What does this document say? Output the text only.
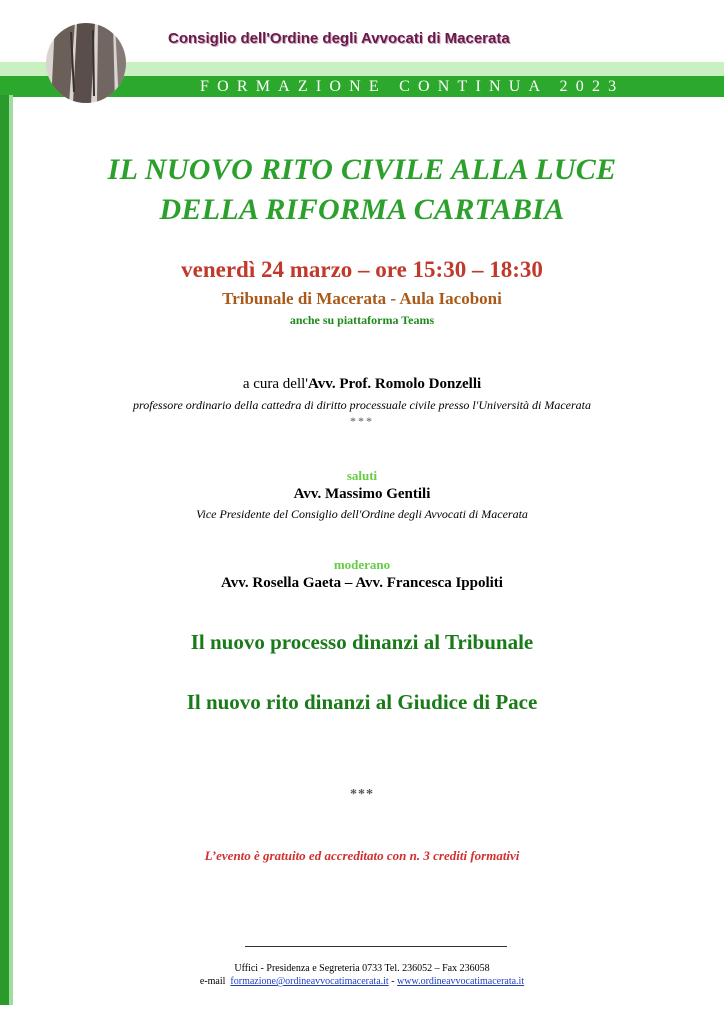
Consiglio dell'Ordine degli Avvocati di Macerata
FORMAZIONE CONTINUA 2023
IL NUOVO RITO CIVILE ALLA LUCE
DELLA RIFORMA CARTABIA
venerdì 24 marzo – ore 15:30 – 18:30
Tribunale di Macerata - Aula Iacoboni
anche su piattaforma Teams
a cura dell'Avv. Prof. Romolo Donzelli
professore ordinario della cattedra di diritto processuale civile presso l'Università di Macerata
***
saluti
Avv. Massimo Gentili
Vice Presidente del Consiglio dell'Ordine degli Avvocati di Macerata
moderano
Avv. Rosella Gaeta – Avv. Francesca Ippoliti
Il nuovo processo dinanzi al Tribunale
Il nuovo rito dinanzi al Giudice di Pace
***
L’evento è gratuito ed accreditato con n. 3 crediti formativi
Uffici - Presidenza e Segreteria 0733 Tel. 236052 – Fax 236058
e-mail formazione@ordineavvocatimacerata.it - www.ordineavvocatimacerata.it
